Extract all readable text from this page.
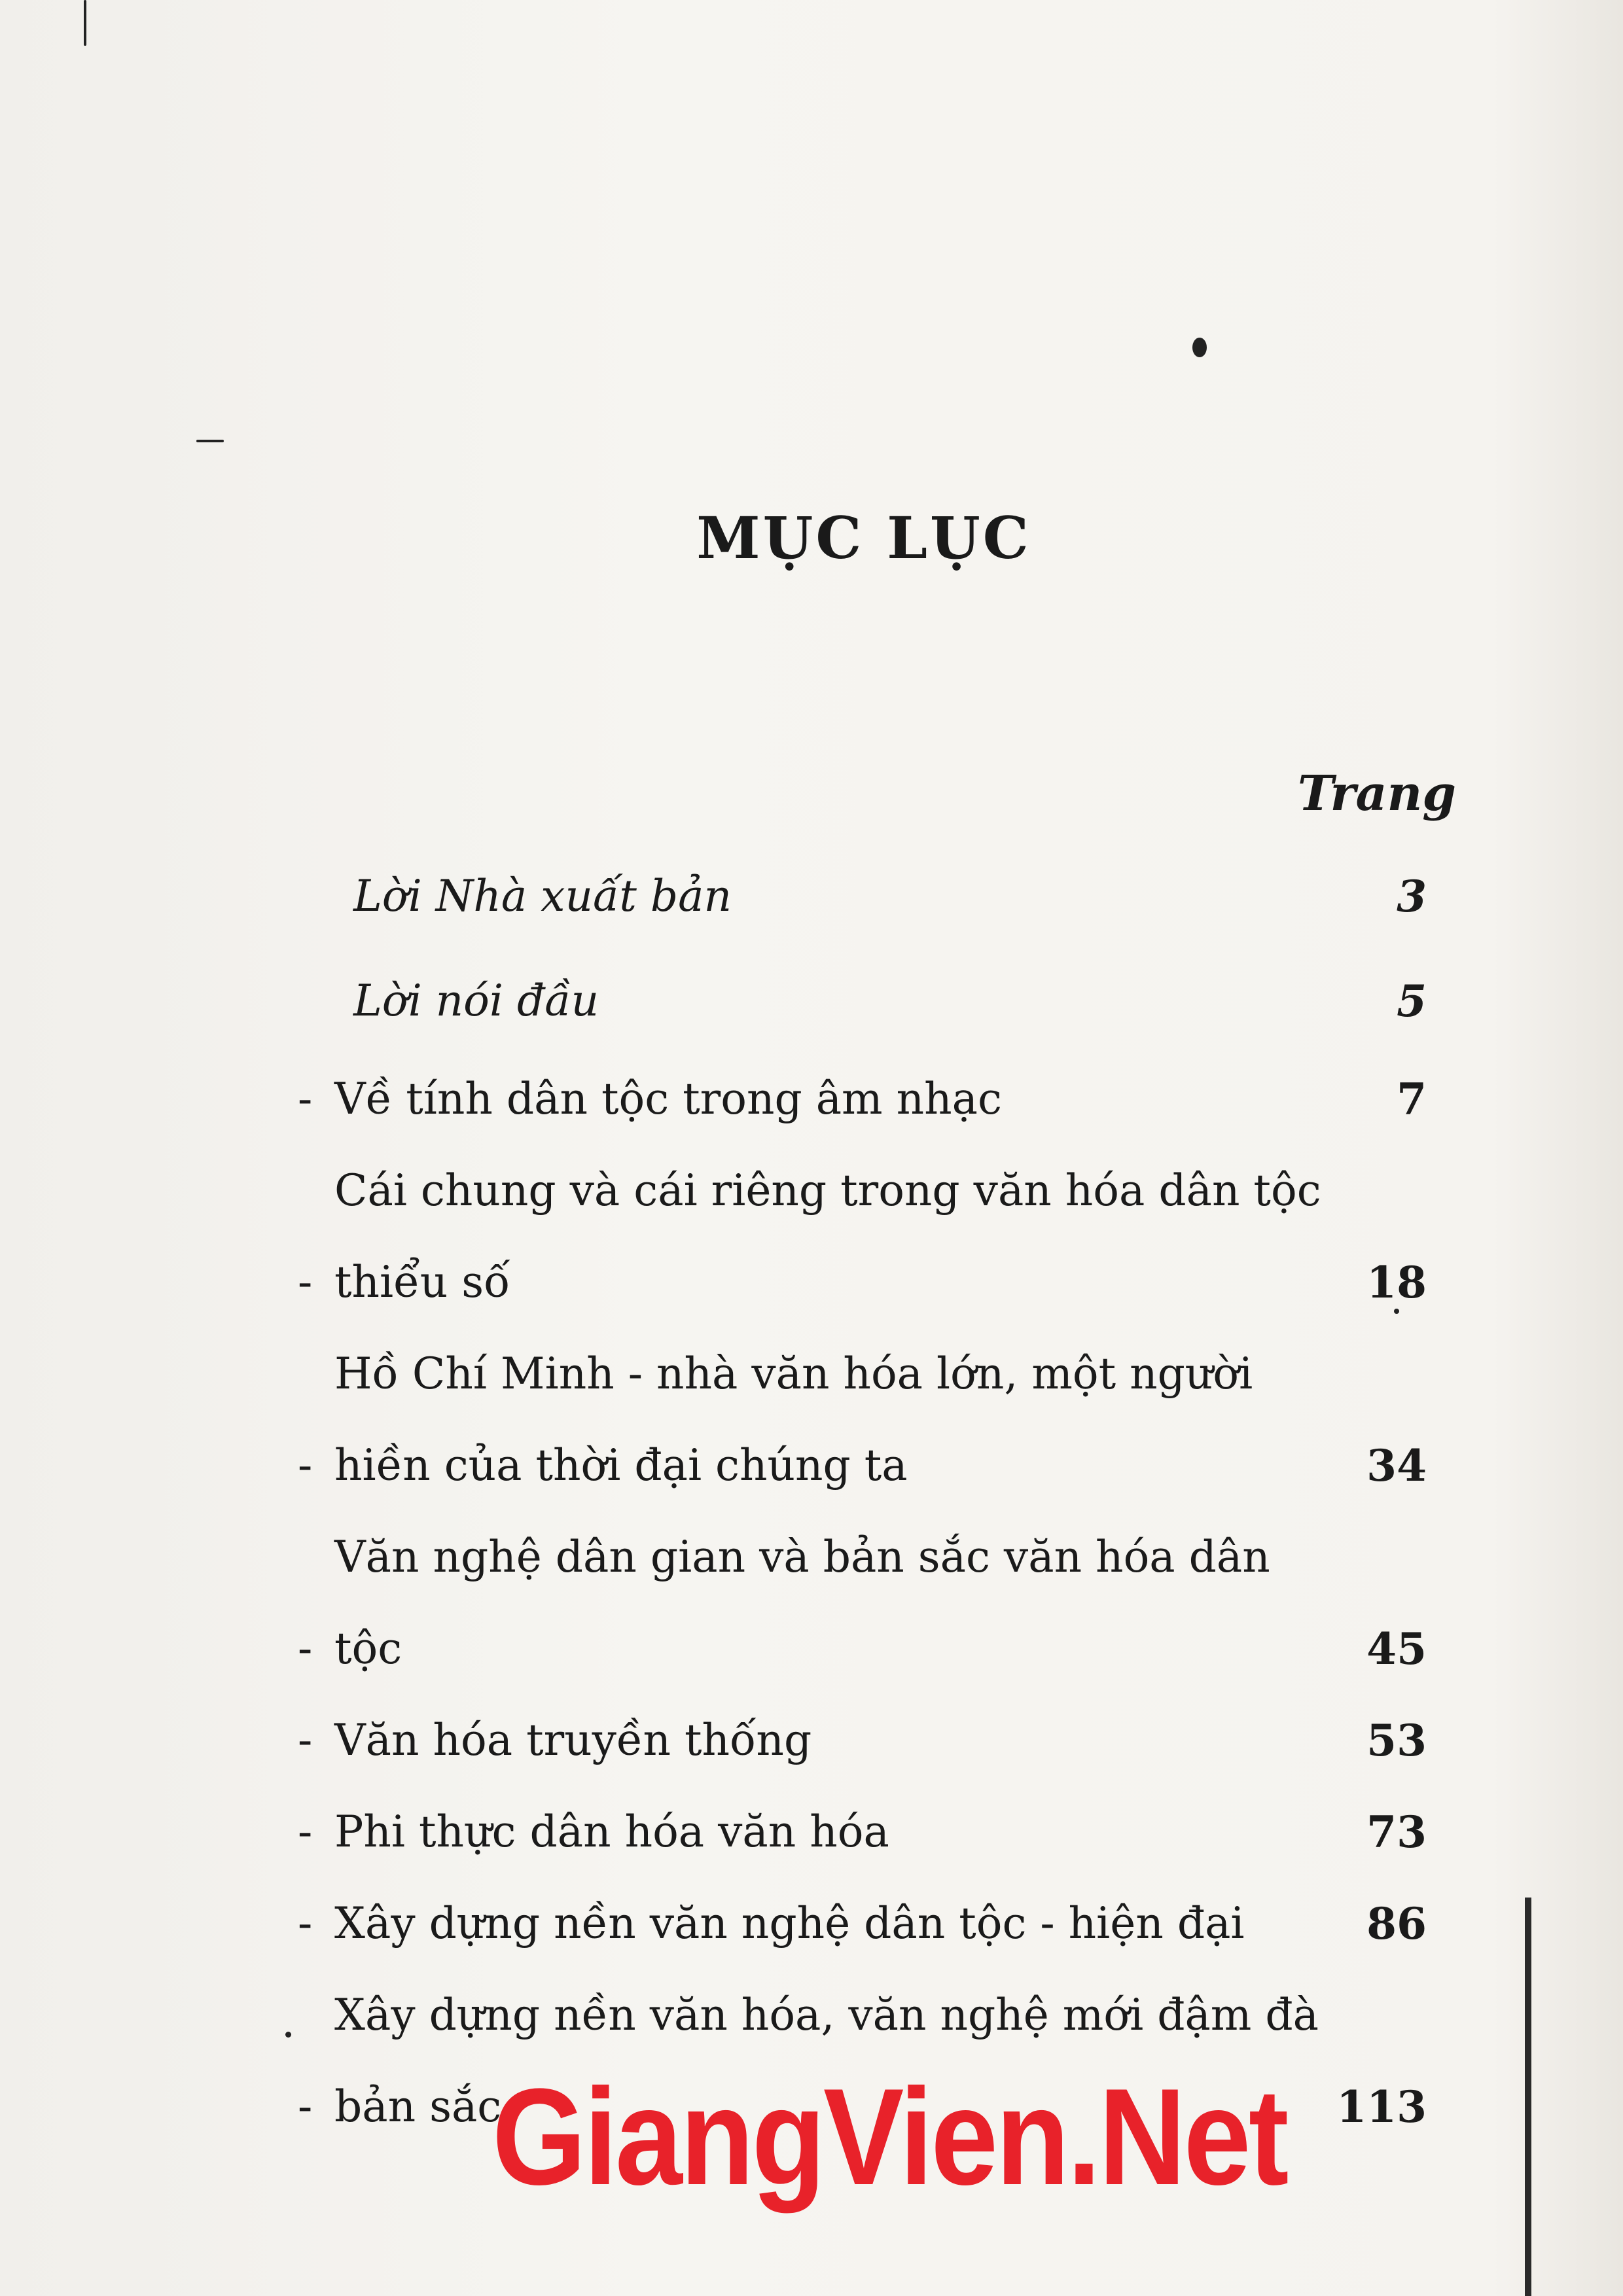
MỤC LỤC
Trang
Lời Nhà xuất bản	3
Lời nói đầu	5
- Về tính dân tộc trong âm nhạc	7
-
Cái chung và cái riêng trong văn hóa dân tộc thiểu số	18
-
Hồ Chí Minh - nhà văn hóa lớn, một người hiền của thời đại chúng ta	34
-
Văn nghệ dân gian và bản sắc văn hóa dân tộc	45
- Văn hóa truyền thống	53
- Phi thực dân hóa văn hóa	73
- Xây dựng nền văn nghệ dân tộc - hiện đại	86
-
Xây dựng nền văn hóa, văn nghệ mới đậm đà bản sắc	113
GiangVien.Net
